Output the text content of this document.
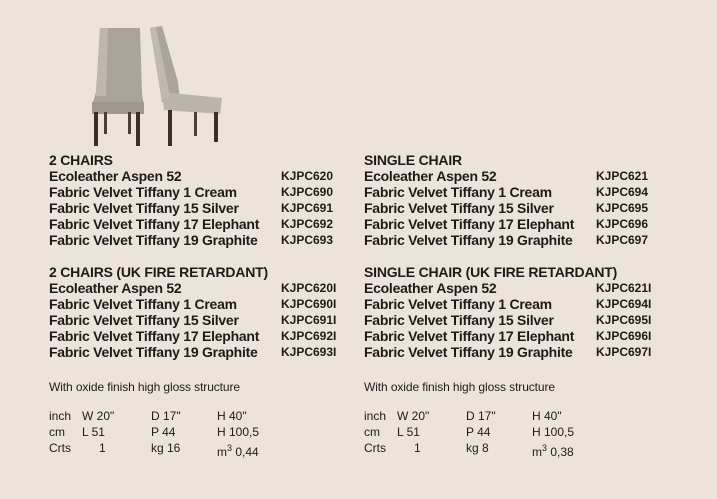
2 CHAIRS
Ecoleather Aspen 52	KJPC620
Fabric Velvet Tiffany 1 Cream	KJPC690
Fabric Velvet Tiffany 15 Silver	KJPC691
Fabric Velvet Tiffany 17 Elephant KJPC692
Fabric Velvet Tiffany 19 Graphite KJPC693
2 CHAIRS (UK FIRE RETARDANT)
Ecoleather Aspen 52	KJPC620I
Fabric Velvet Tiffany 1 Cream	KJPC690I
Fabric Velvet Tiffany 15 Silver	KJPC691I
Fabric Velvet Tiffany 17 Elephant KJPC692I
Fabric Velvet Tiffany 19 Graphite KJPC693I
With oxide finish high gloss structure
inch W 20"	D 17"	H 40"
cm L 51	P 44	H 100,5
Crts 1	kg 16	$m^3$ 0,44
SINGLE CHAIR
Ecoleather Aspen 52	KJPC621
Fabric Velvet Tiffany 1 Cream	KJPC694
Fabric Velvet Tiffany 15 Silver	KJPC695
Fabric Velvet Tiffany 17 Elephant KJPC696
Fabric Velvet Tiffany 19 Graphite KJPC697
SINGLE CHAIR (UK FIRE RETARDANT)
Ecoleather Aspen 52	KJPC621I
Fabric Velvet Tiffany 1 Cream	KJPC694I
Fabric Velvet Tiffany 15 Silver	KJPC695I
Fabric Velvet Tiffany 17 Elephant KJPC696I
Fabric Velvet Tiffany 19 Graphite KJPC697I
With oxide finish high gloss structure
inch W 20"	D 17"	H 40"
cm L 51	P 44	H 100,5
Crts 1	kg 8	$m^3$ 0,38
